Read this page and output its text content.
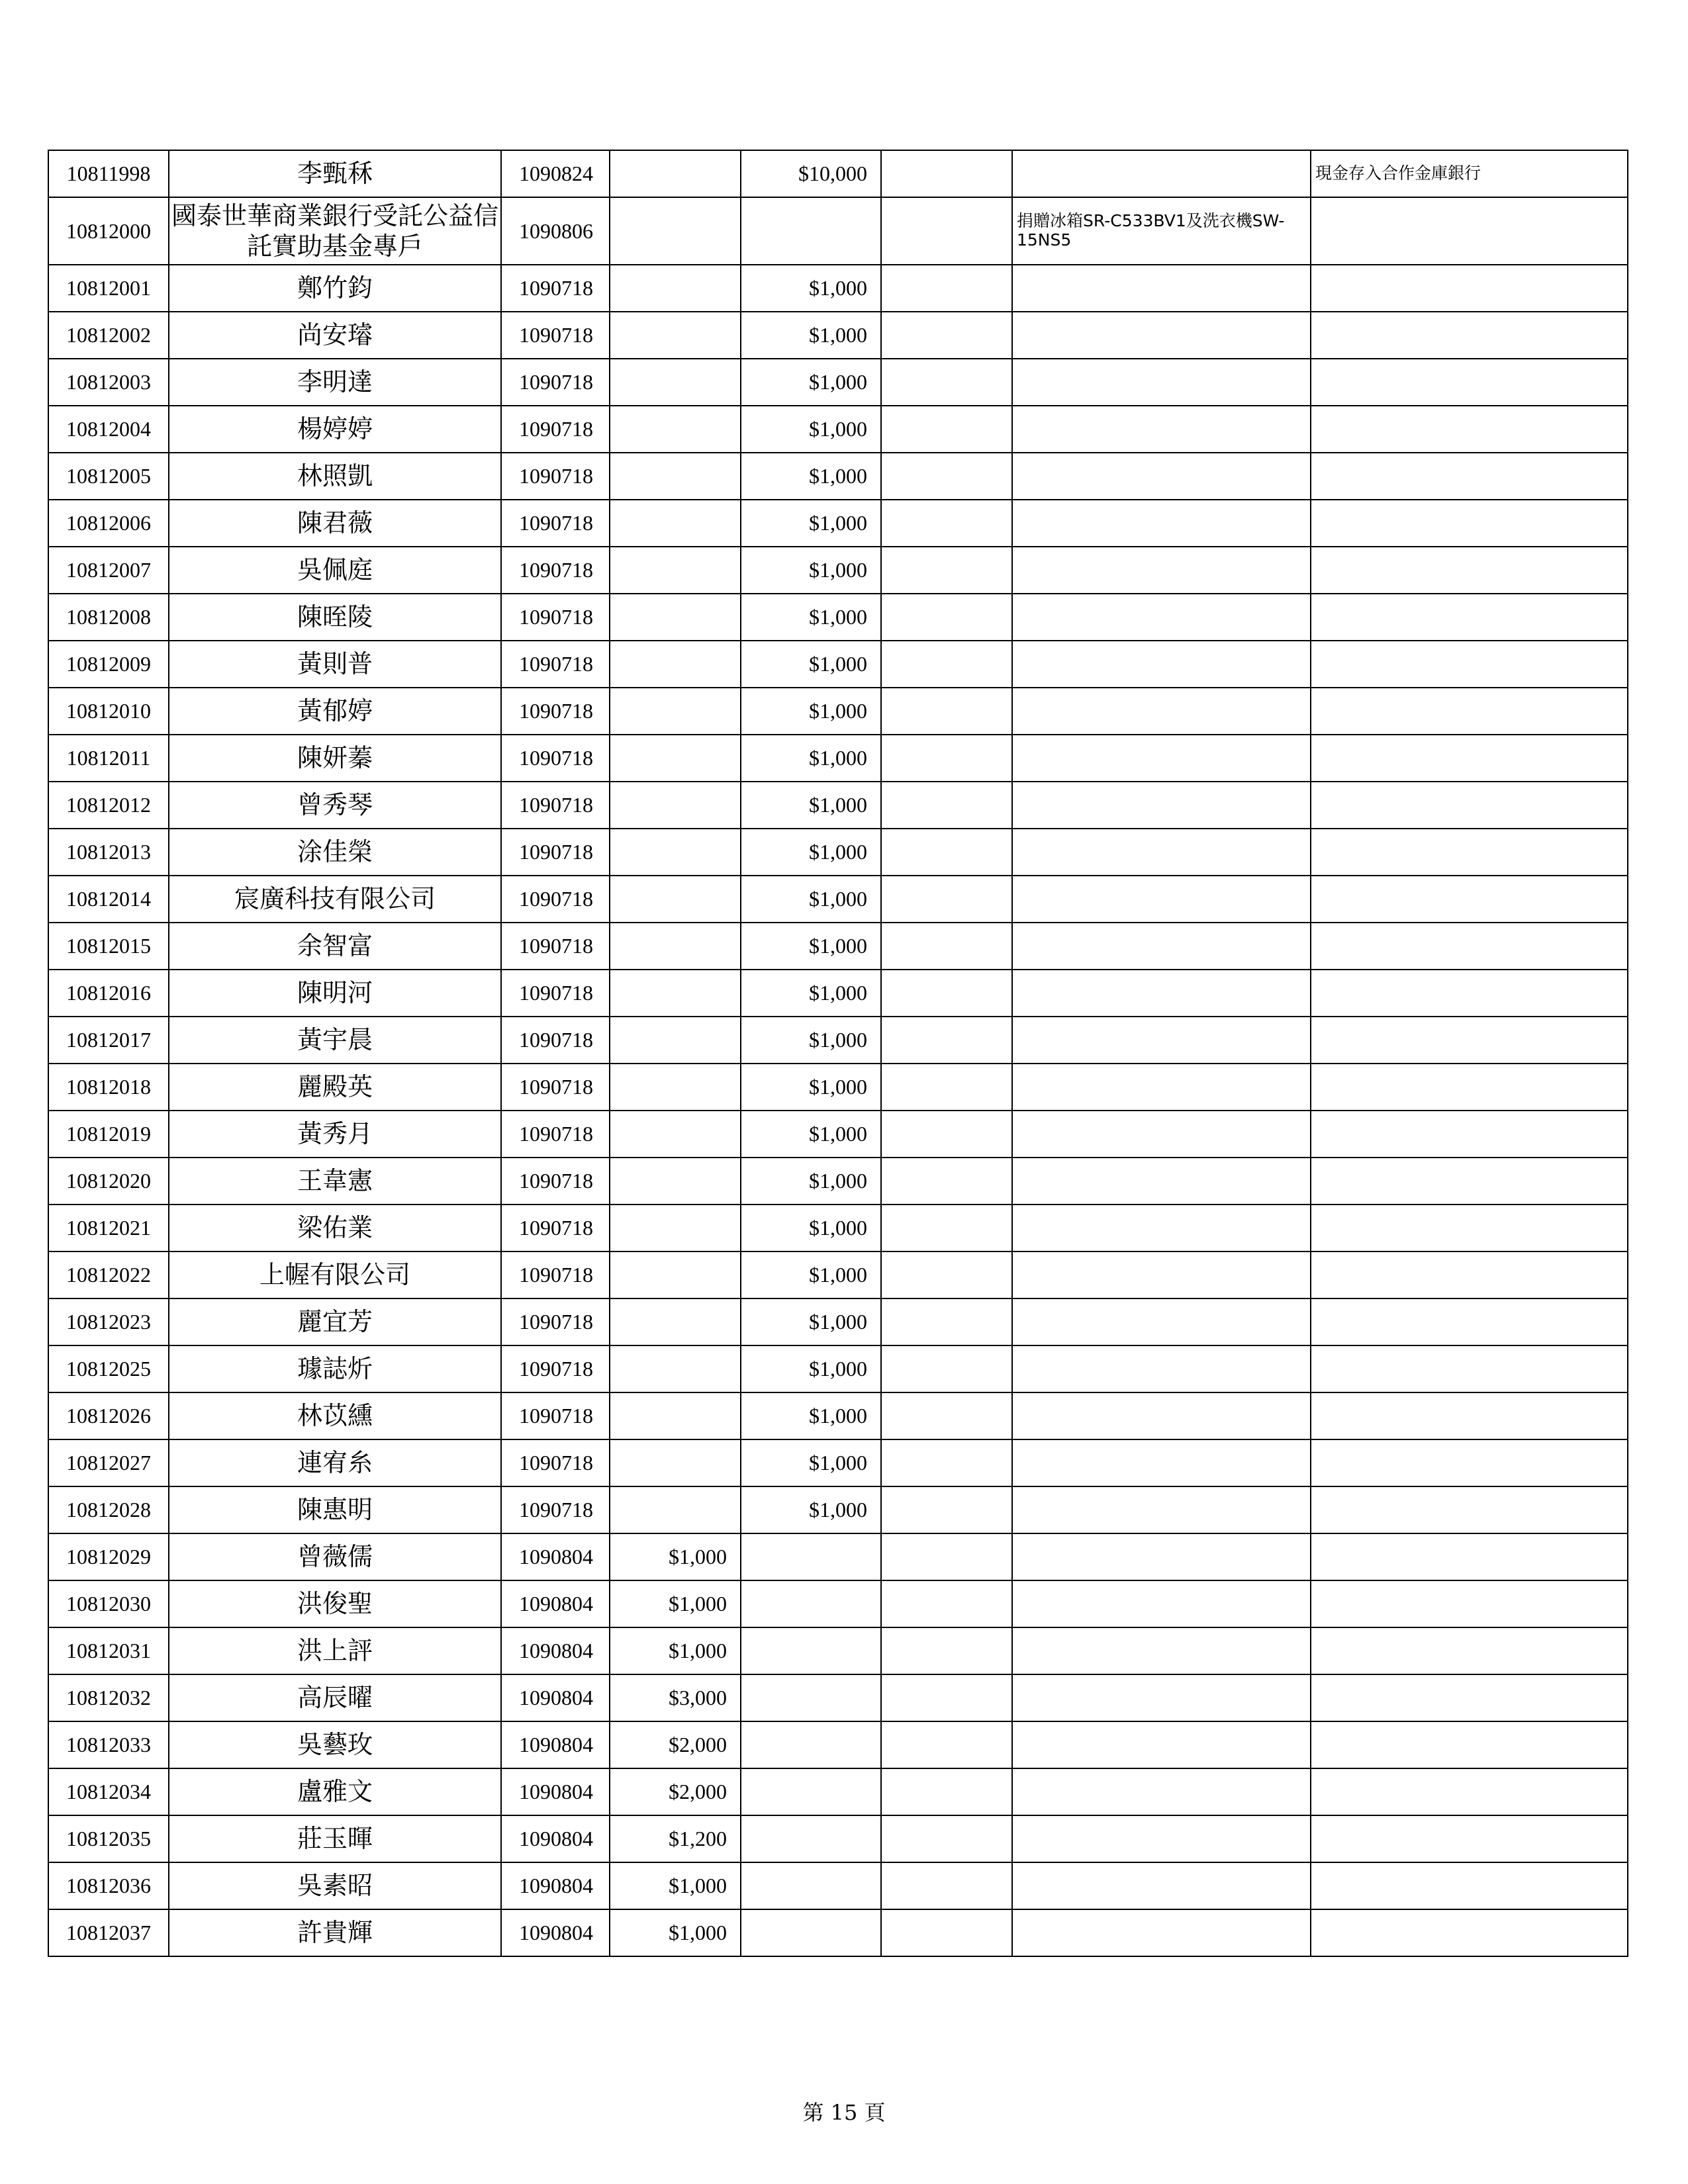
10811998	李甄秝	1090824		$10,000			現金存入合作金庫銀行
10812000	國泰世華商業銀行受託公益信託實助基金專戶	1090806				捐贈冰箱SR-C533BV1及洗衣機SW-15NS5	
10812001	鄭竹鈞	1090718		$1,000			
10812002	尚安璿	1090718		$1,000			
10812003	李明達	1090718		$1,000			
10812004	楊婷婷	1090718		$1,000			
10812005	林照凱	1090718		$1,000			
10812006	陳君薇	1090718		$1,000			
10812007	吳佩庭	1090718		$1,000			
10812008	陳晊陵	1090718		$1,000			
10812009	黃則普	1090718		$1,000			
10812010	黃郁婷	1090718		$1,000			
10812011	陳妍蓁	1090718		$1,000			
10812012	曾秀琴	1090718		$1,000			
10812013	涂佳榮	1090718		$1,000			
10812014	宸廣科技有限公司	1090718		$1,000			
10812015	余智富	1090718		$1,000			
10812016	陳明河	1090718		$1,000			
10812017	黃宇晨	1090718		$1,000			
10812018	麗殿英	1090718		$1,000			
10812019	黃秀月	1090718		$1,000			
10812020	王韋憲	1090718		$1,000			
10812021	梁佑業	1090718		$1,000			
10812022	上幄有限公司	1090718		$1,000			
10812023	麗宜芳	1090718		$1,000			
10812025	璩誌炘	1090718		$1,000			
10812026	林苡纁	1090718		$1,000			
10812027	連宥糸	1090718		$1,000			
10812028	陳惠明	1090718		$1,000			
10812029	曾薇儒	1090804	$1,000				
10812030	洪俊聖	1090804	$1,000				
10812031	洪上評	1090804	$1,000				
10812032	高辰曜	1090804	$3,000				
10812033	吳藝玫	1090804	$2,000				
10812034	盧雅文	1090804	$2,000				
10812035	莊玉暉	1090804	$1,200				
10812036	吳素昭	1090804	$1,000				
10812037	許貴輝	1090804	$1,000				
第 15 頁
